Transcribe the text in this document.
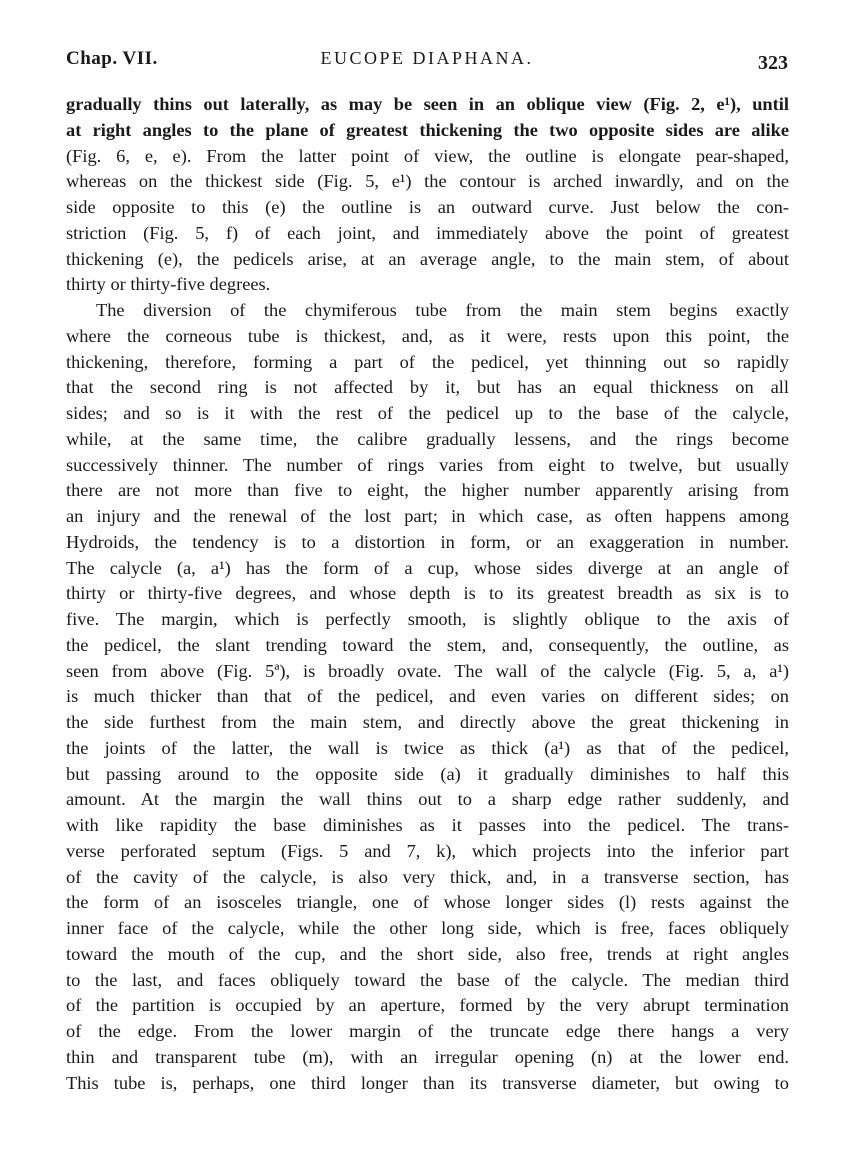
Chap. VII.	EUCOPE DIAPHANA.	323
gradually thins out laterally, as may be seen in an oblique view (Fig. 2, e¹), until
at right angles to the plane of greatest thickening the two opposite sides are alike
(Fig. 6, e, e). From the latter point of view, the outline is elongate pear-shaped,
whereas on the thickest side (Fig. 5, e¹) the contour is arched inwardly, and on the
side opposite to this (e) the outline is an outward curve. Just below the con-
striction (Fig. 5, f) of each joint, and immediately above the point of greatest
thickening (e), the pedicels arise, at an average angle, to the main stem, of about
thirty or thirty-five degrees.
The diversion of the chymiferous tube from the main stem begins exactly
where the corneous tube is thickest, and, as it were, rests upon this point, the
thickening, therefore, forming a part of the pedicel, yet thinning out so rapidly
that the second ring is not affected by it, but has an equal thickness on all
sides; and so is it with the rest of the pedicel up to the base of the calycle,
while, at the same time, the calibre gradually lessens, and the rings become
successively thinner. The number of rings varies from eight to twelve, but usually
there are not more than five to eight, the higher number apparently arising from
an injury and the renewal of the lost part; in which case, as often happens among
Hydroids, the tendency is to a distortion in form, or an exaggeration in number.
The calycle (a, a¹) has the form of a cup, whose sides diverge at an angle of
thirty or thirty-five degrees, and whose depth is to its greatest breadth as six is to
five. The margin, which is perfectly smooth, is slightly oblique to the axis of
the pedicel, the slant trending toward the stem, and, consequently, the outline, as
seen from above (Fig. 5ª), is broadly ovate. The wall of the calycle (Fig. 5, a, a¹)
is much thicker than that of the pedicel, and even varies on different sides; on
the side furthest from the main stem, and directly above the great thickening in
the joints of the latter, the wall is twice as thick (a¹) as that of the pedicel,
but passing around to the opposite side (a) it gradually diminishes to half this
amount. At the margin the wall thins out to a sharp edge rather suddenly, and
with like rapidity the base diminishes as it passes into the pedicel. The trans-
verse perforated septum (Figs. 5 and 7, k), which projects into the inferior part
of the cavity of the calycle, is also very thick, and, in a transverse section, has
the form of an isosceles triangle, one of whose longer sides (l) rests against the
inner face of the calycle, while the other long side, which is free, faces obliquely
toward the mouth of the cup, and the short side, also free, trends at right angles
to the last, and faces obliquely toward the base of the calycle. The median third
of the partition is occupied by an aperture, formed by the very abrupt termination
of the edge. From the lower margin of the truncate edge there hangs a very
thin and transparent tube (m), with an irregular opening (n) at the lower end.
This tube is, perhaps, one third longer than its transverse diameter, but owing to
